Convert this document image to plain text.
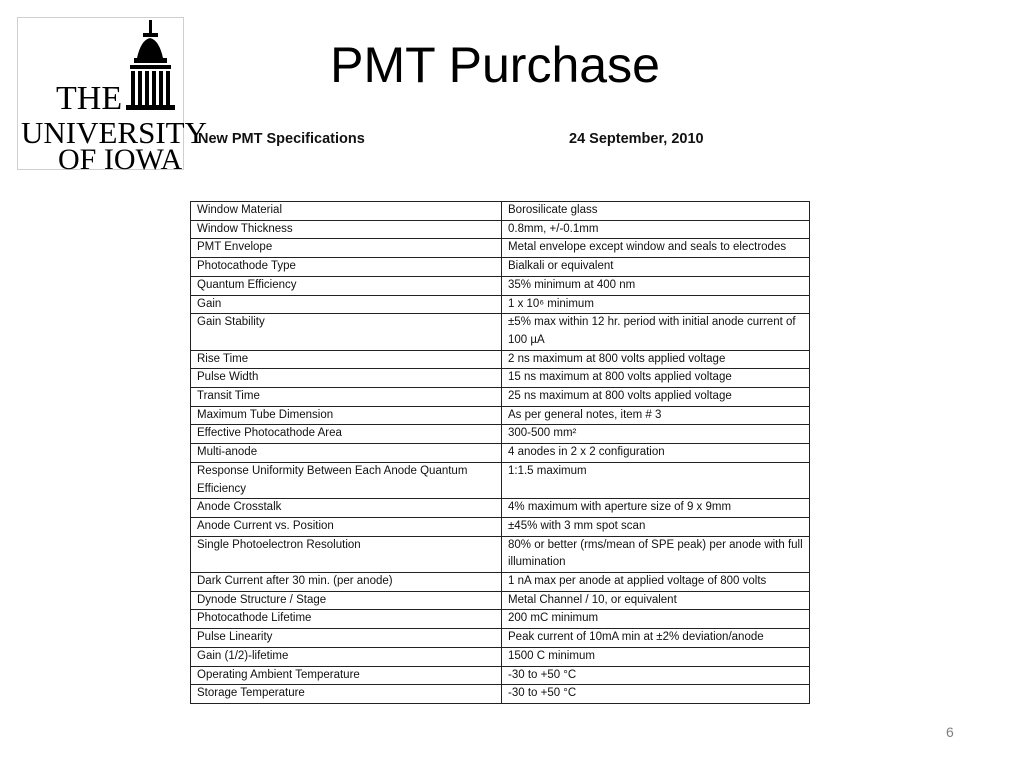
THE
UNIVERSITY
OF IOWA
PMT Purchase
New PMT Specifications	24 September, 2010
Window Material	Borosilicate glass
Window Thickness	0.8mm, +/-0.1mm
PMT Envelope	Metal envelope except window and seals to electrodes
Photocathode Type	Bialkali or equivalent
Quantum Efficiency	35% minimum at 400 nm
Gain	1 x 10⁶ minimum
Gain Stability	±5% max within 12 hr. period with initial anode current of 100 µA
Rise Time	2 ns maximum at 800 volts applied voltage
Pulse Width	15 ns maximum at 800 volts applied voltage
Transit Time	25 ns maximum at 800 volts applied voltage
Maximum Tube Dimension	As per general notes, item # 3
Effective Photocathode Area	300-500 mm²
Multi-anode	4 anodes in 2 x 2 configuration
Response Uniformity Between Each Anode Quantum Efficiency	1:1.5 maximum
Anode Crosstalk	4% maximum with aperture size of 9 x 9mm
Anode Current vs. Position	±45% with 3 mm spot scan
Single Photoelectron Resolution	80% or better (rms/mean of SPE peak) per anode with full illumination
Dark Current after 30 min. (per anode)	1 nA max per anode at applied voltage of 800 volts
Dynode Structure / Stage	Metal Channel / 10, or equivalent
Photocathode Lifetime	200 mC minimum
Pulse Linearity	Peak current of 10mA min at ±2% deviation/anode
Gain (1/2)-lifetime	1500 C minimum
Operating Ambient Temperature	-30 to +50 °C
Storage Temperature	-30 to +50 °C
6
